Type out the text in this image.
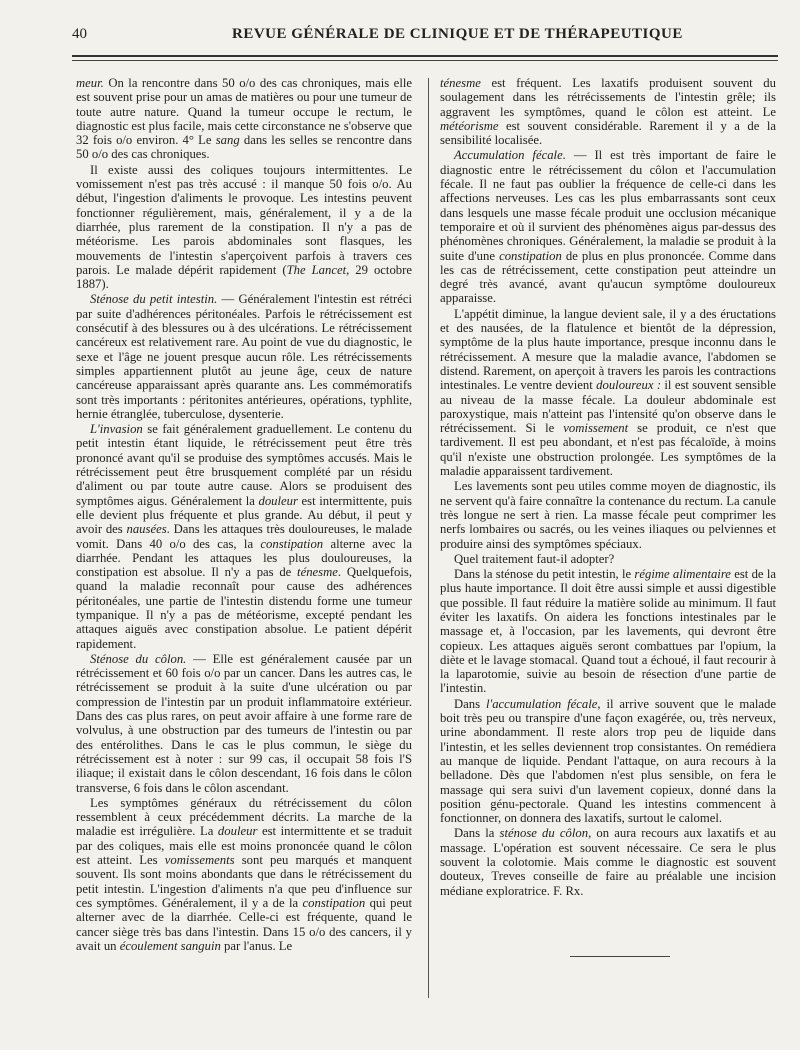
40	REVUE GÉNÉRALE DE CLINIQUE ET DE THÉRAPEUTIQUE

meur. On la rencontre dans 50 o/o des cas chroniques, mais elle est souvent prise pour un amas de matières ou pour une tumeur de toute autre nature. Quand la tumeur occupe le rectum, le diagnostic est plus facile, mais cette circonstance ne s'observe que 32 fois o/o environ. 4° Le sang dans les selles se rencontre dans 50 o/o des cas chroniques.

Il existe aussi des coliques toujours intermittentes. Le vomissement n'est pas très accusé : il manque 50 fois o/o. Au début, l'ingestion d'aliments le provoque. Les intestins peuvent fonctionner régulièrement, mais, généralement, il y a de la diarrhée, plus rarement de la constipation. Il n'y a pas de météorisme. Les parois abdominales sont flasques, les mouvements de l'intestin s'aperçoivent parfois à travers ces parois. Le malade dépérit rapidement (The Lancet, 29 octobre 1887).

Sténose du petit intestin. — Généralement l'intestin est rétréci par suite d'adhérences péritonéales. Parfois le rétrécissement est consécutif à des blessures ou à des ulcérations. Le rétrécissement cancéreux est relativement rare. Au point de vue du diagnostic, le sexe et l'âge ne jouent presque aucun rôle. Les rétrécissements simples appartiennent plutôt au jeune âge, ceux de nature cancéreuse apparaissant après quarante ans. Les commémoratifs sont très importants : péritonites antérieures, opérations, typhlite, hernie étranglée, tuberculose, dysenterie.

L'invasion se fait généralement graduellement. Le contenu du petit intestin étant liquide, le rétrécissement peut être très prononcé avant qu'il se produise des symptômes accusés. Mais le rétrécissement peut être brusquement complété par un résidu d'aliment ou par toute autre cause. Alors se produisent des symptômes aigus. Généralement la douleur est intermittente, puis elle devient plus fréquente et plus grande. Au début, il peut y avoir des nausées. Dans les attaques très douloureuses, le malade vomit. Dans 40 o/o des cas, la constipation alterne avec la diarrhée. Pendant les attaques les plus douloureuses, la constipation est absolue. Il n'y a pas de ténesme. Quelquefois, quand la maladie reconnaît pour cause des adhérences péritonéales, une partie de l'intestin distendu forme une tumeur tympanique. Il n'y a pas de météorisme, excepté pendant les attaques aiguës avec constipation absolue. Le patient dépérit rapidement.

Sténose du côlon. — Elle est généralement causée par un rétrécissement et 60 fois o/o par un cancer. Dans les autres cas, le rétrécissement se produit à la suite d'une ulcération ou par compression de l'intestin par un produit inflammatoire extérieur. Dans des cas plus rares, on peut avoir affaire à une forme rare de volvulus, à une obstruction par des tumeurs de l'intestin ou par des entérolithes. Dans le cas le plus commun, le siège du rétrécissement est à noter : sur 99 cas, il occupait 58 fois l'S iliaque; il existait dans le côlon descendant, 16 fois dans le côlon transverse, 6 fois dans le côlon ascendant.

Les symptômes généraux du rétrécissement du côlon ressemblent à ceux précédemment décrits. La marche de la maladie est irrégulière. La douleur est intermittente et se traduit par des coliques, mais elle est moins prononcée quand le côlon est atteint. Les vomissements sont peu marqués et manquent souvent. Ils sont moins abondants que dans le rétrécissement du petit intestin. L'ingestion d'aliments n'a que peu d'influence sur ces symptômes. Généralement, il y a de la constipation qui peut alterner avec de la diarrhée. Celle-ci est fréquente, quand le cancer siège très bas dans l'intestin. Dans 15 o/o des cancers, il y avait un écoulement sanguin par l'anus. Le

ténesme est fréquent. Les laxatifs produisent souvent du soulagement dans les rétrécissements de l'intestin grêle; ils aggravent les symptômes, quand le côlon est atteint. Le météorisme est souvent considérable. Rarement il y a de la sensibilité localisée.

Accumulation fécale. — Il est très important de faire le diagnostic entre le rétrécissement du côlon et l'accumulation fécale. Il ne faut pas oublier la fréquence de celle-ci dans les affections nerveuses. Les cas les plus embarrassants sont ceux dans lesquels une masse fécale produit une occlusion mécanique temporaire et où il survient des phénomènes aigus par-dessus des phénomènes chroniques. Généralement, la maladie se produit à la suite d'une constipation de plus en plus prononcée. Comme dans les cas de rétrécissement, cette constipation peut atteindre un degré très avancé, avant qu'aucun symptôme douloureux apparaisse.

L'appétit diminue, la langue devient sale, il y a des éructations et des nausées, de la flatulence et bientôt de la dépression, symptôme de la plus haute importance, presque inconnu dans le rétrécissement. A mesure que la maladie avance, l'abdomen se distend. Rarement, on aperçoit à travers les parois les contractions intestinales. Le ventre devient douloureux : il est souvent sensible au niveau de la masse fécale. La douleur abdominale est paroxystique, mais n'atteint pas l'intensité qu'on observe dans le rétrécissement. Si le vomissement se produit, ce n'est que tardivement. Il est peu abondant, et n'est pas fécaloïde, à moins qu'il n'existe une obstruction prolongée. Les symptômes de la maladie apparaissent tardivement.

Les lavements sont peu utiles comme moyen de diagnostic, ils ne servent qu'à faire connaître la contenance du rectum. La canule très longue ne sert à rien. La masse fécale peut comprimer les nerfs lombaires ou sacrés, ou les veines iliaques ou pelviennes et produire ainsi des symptômes spéciaux.

Quel traitement faut-il adopter?

Dans la sténose du petit intestin, le régime alimentaire est de la plus haute importance. Il doit être aussi simple et aussi digestible que possible. Il faut réduire la matière solide au minimum. Il faut éviter les laxatifs. On aidera les fonctions intestinales par le massage et, à l'occasion, par les lavements, qui devront être copieux. Les attaques aiguës seront combattues par l'opium, la diète et le lavage stomacal. Quand tout a échoué, il faut recourir à la laparotomie, suivie au besoin de résection d'une partie de l'intestin.

Dans l'accumulation fécale, il arrive souvent que le malade boit très peu ou transpire d'une façon exagérée, ou, très nerveux, urine abondamment. Il reste alors trop peu de liquide dans l'intestin, et les selles deviennent trop consistantes. On remédiera au manque de liquide. Pendant l'attaque, on aura recours à la belladone. Dès que l'abdomen n'est plus sensible, on fera le massage qui sera suivi d'un lavement copieux, donné dans la position génu-pectorale. Quand les intestins commencent à fonctionner, on donnera des laxatifs, surtout le calomel.

Dans la sténose du côlon, on aura recours aux laxatifs et au massage. L'opération est souvent nécessaire. Ce sera le plus souvent la colotomie. Mais comme le diagnostic est souvent douteux, Treves conseille de faire au préalable une incision médiane exploratrice. F. Rx.
